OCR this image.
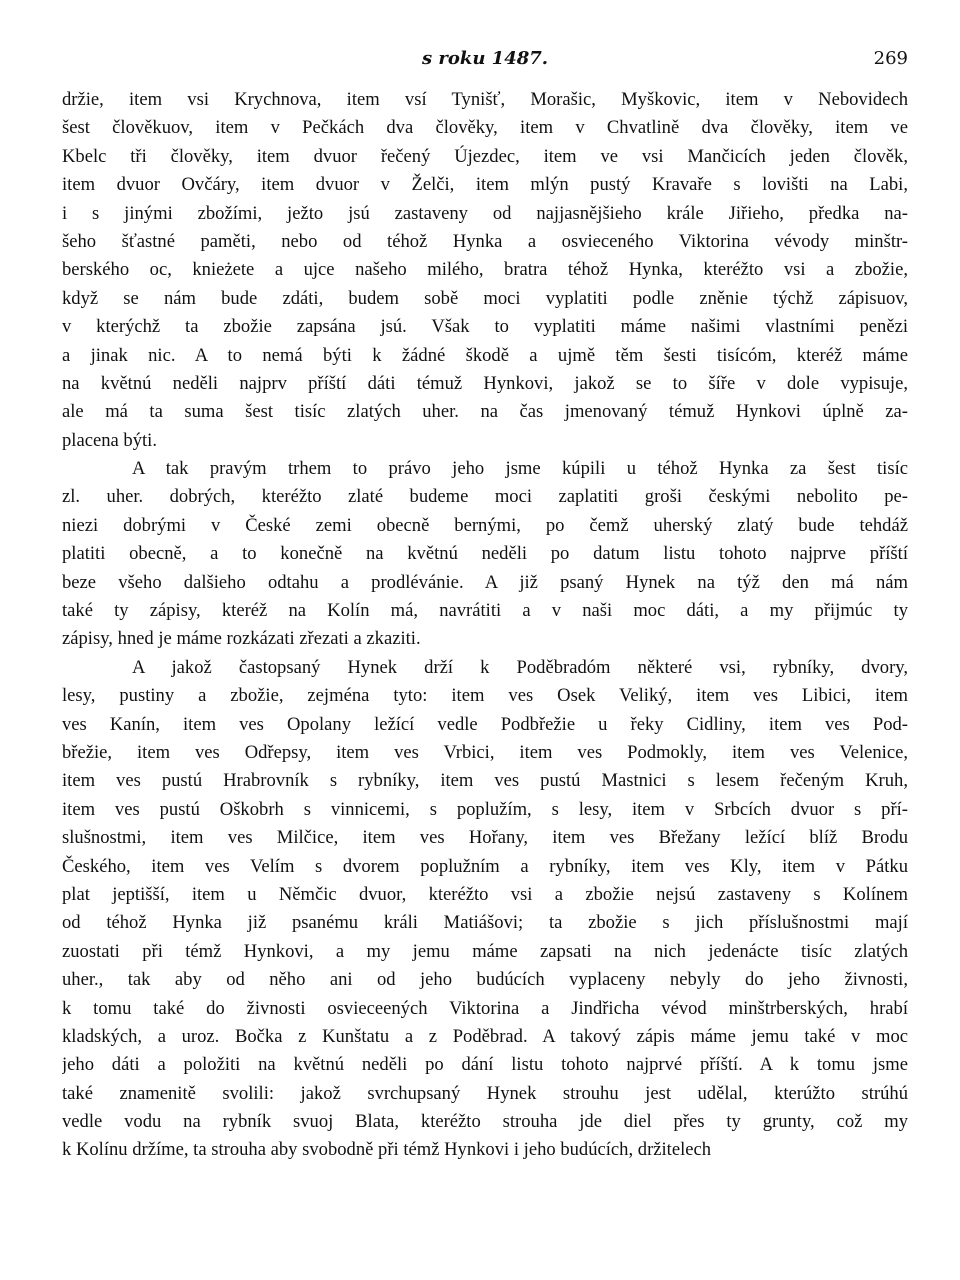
s roku 1487.	269
držie, item vsi Krychnova, item vsí Tynišť, Morašic, Myškovic, item v Nebovidech
šest člověkuov, item v Pečkách dva člověky, item v Chvatlině dva člověky, item ve
Kbelc tři člověky, item dvuor řečený Újezdec, item ve vsi Mančicích jeden člověk,
item dvuor Ovčáry, item dvuor v Želči, item mlýn pustý Kravaře s lovišti na Labi,
i s jinými zbožími, ježto jsú zastaveny od najjasnějšieho krále Jiřieho, předka na-
šeho šťastné paměti, nebo od téhož Hynka a osvieceného Viktorina vévody minštr-
berského oc, knieżete a ujce našeho milého, bratra téhož Hynka, kteréžto vsi a zbožie,
když se nám bude zdáti, budem sobě moci vyplatiti podle zněnie týchž zápisuov,
v kterýchž ta zbožie zapsána jsú. Však to vyplatiti máme našimi vlastními penězi
a jinak nic. A to nemá býti k žádné škodě a ujmě těm šesti tisícóm, kteréž máme
na květnú neděli najprv příští dáti témuž Hynkovi, jakož se to šíře v dole vypisuje,
ale má ta suma šest tisíc zlatých uher. na čas jmenovaný témuž Hynkovi úplně za-
placena býti.
A tak pravým trhem to právo jeho jsme kúpili u téhož Hynka za šest tisíc
zl. uher. dobrých, kteréžto zlaté budeme moci zaplatiti groši českými nebolito pe-
niezi dobrými v České zemi obecně bernými, po čemž uherský zlatý bude tehdáž
platiti obecně, a to konečně na květnú neděli po datum listu tohoto najprve příští
beze všeho dalšieho odtahu a prodlévánie. A již psaný Hynek na týž den má nám
také ty zápisy, kteréž na Kolín má, navrátiti a v naši moc dáti, a my přijmúc ty
zápisy, hned je máme rozkázati zřezati a zkaziti.
A jakož častopsaný Hynek drží k Poděbradóm některé vsi, rybníky, dvory,
lesy, pustiny a zbožie, zejména tyto: item ves Osek Veliký, item ves Libici, item
ves Kanín, item ves Opolany ležící vedle Podbřežie u řeky Cidliny, item ves Pod-
břežie, item ves Odřepsy, item ves Vrbici, item ves Podmokly, item ves Velenice,
item ves pustú Hrabrovník s rybníky, item ves pustú Mastnici s lesem řečeným Kruh,
item ves pustú Oškobrh s vinnicemi, s poplužím, s lesy, item v Srbcích dvuor s pří-
slušnostmi, item ves Milčice, item ves Hořany, item ves Břežany ležící blíž Brodu
Českého, item ves Velím s dvorem poplužním a rybníky, item ves Kly, item v Pátku
plat jeptišší, item u Němčic dvuor, kteréžto vsi a zbožie nejsú zastaveny s Kolínem
od téhož Hynka již psanému králi Matiášovi; ta zbožie s jich příslušnostmi mají
zuostati při témž Hynkovi, a my jemu máme zapsati na nich jedenácte tisíc zlatých
uher., tak aby od něho ani od jeho budúcích vyplaceny nebyly do jeho živnosti,
k tomu také do živnosti osvieceených Viktorina a Jindřicha vévod minštrberských, hrabí
kladských, a uroz. Bočka z Kunštatu a z Poděbrad. A takový zápis máme jemu také v moc
jeho dáti a položiti na květnú neděli po dání listu tohoto najprvé příští. A k tomu jsme
také znamenitě svolili: jakož svrchupsaný Hynek strouhu jest udělal, kterúžto strúhú
vedle vodu na rybník svuoj Blata, kteréžto strouha jde diel přes ty grunty, což my
k Kolínu držíme, ta strouha aby svobodně při témž Hynkovi i jeho budúcích, držitelech
